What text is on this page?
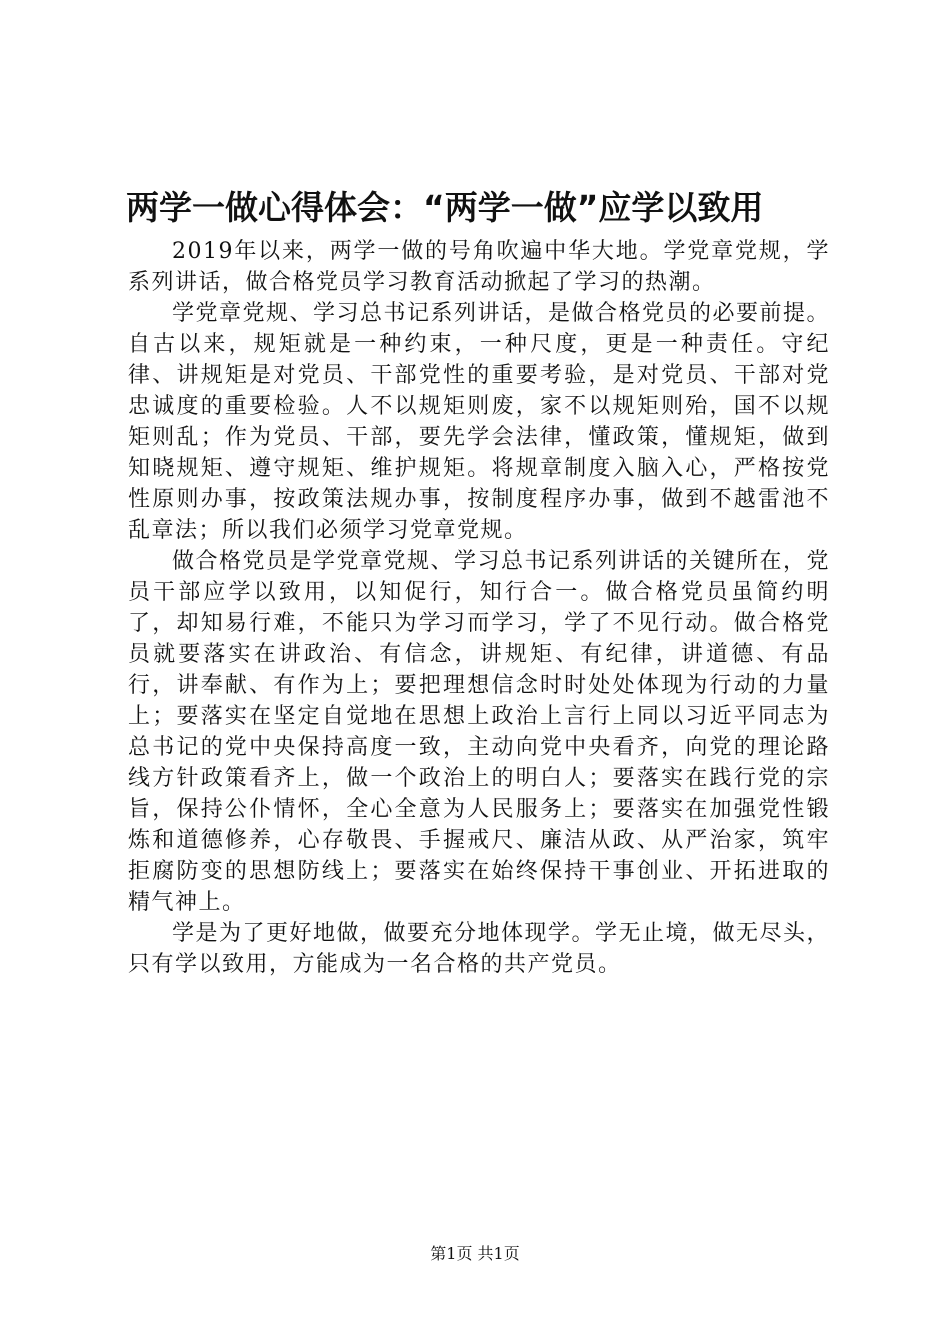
两学一做心得体会：“两学一做”应学以致用

2019年以来，两学一做的号角吹遍中华大地。学党章党规，学系列讲话，做合格党员学习教育活动掀起了学习的热潮。

学党章党规、学习总书记系列讲话，是做合格党员的必要前提。自古以来，规矩就是一种约束，一种尺度，更是一种责任。守纪律、讲规矩是对党员、干部党性的重要考验，是对党员、干部对党忠诚度的重要检验。人不以规矩则废，家不以规矩则殆，国不以规矩则乱；作为党员、干部，要先学会法律，懂政策，懂规矩，做到知晓规矩、遵守规矩、维护规矩。将规章制度入脑入心，严格按党性原则办事，按政策法规办事，按制度程序办事，做到不越雷池不乱章法；所以我们必须学习党章党规。

做合格党员是学党章党规、学习总书记系列讲话的关键所在，党员干部应学以致用，以知促行，知行合一。做合格党员虽简约明了，却知易行难，不能只为学习而学习，学了不见行动。做合格党员就要落实在讲政治、有信念，讲规矩、有纪律，讲道德、有品行，讲奉献、有作为上；要把理想信念时时处处体现为行动的力量上；要落实在坚定自觉地在思想上政治上言行上同以习近平同志为总书记的党中央保持高度一致，主动向党中央看齐，向党的理论路线方针政策看齐上，做一个政治上的明白人；要落实在践行党的宗旨，保持公仆情怀，全心全意为人民服务上；要落实在加强党性锻炼和道德修养，心存敬畏、手握戒尺、廉洁从政、从严治家，筑牢拒腐防变的思想防线上；要落实在始终保持干事创业、开拓进取的精气神上。

学是为了更好地做，做要充分地体现学。学无止境，做无尽头，只有学以致用，方能成为一名合格的共产党员。

第1页 共1页
